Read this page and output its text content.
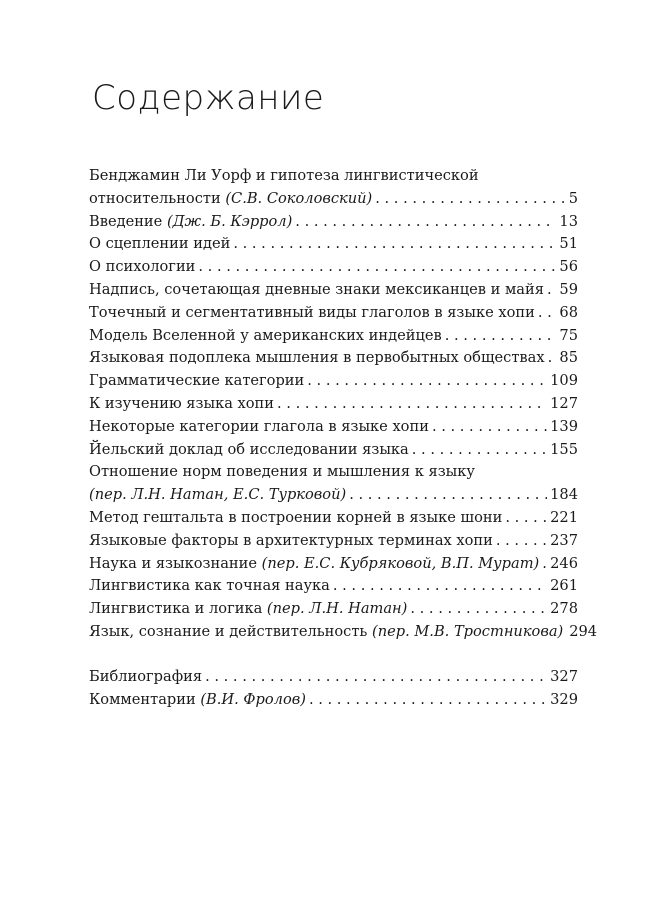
Содержание
Бенджамин Ли Уорф и гипотеза лингвистической
относительности (С.В. Соколовский) . . .	5
Введение (Дж. Б. Кэррол) . . .	13
О сцеплении идей . . .	51
О психологии . . .	56
Надпись, сочетающая дневные знаки мексиканцев и майя . . . 59
Точечный и сегментативный виды глаголов в языке хопи . . . 68
Модель Вселенной у американских индейцев . . .	75
Языковая подоплека мышления в первобытных обществах . . . 85
Грамматические категории . . .	109
К изучению языка хопи . . .	127
Некоторые категории глагола в языке хопи . . .	139
Йельский доклад об исследовании языка . . .	155
Отношение норм поведения и мышления к языку
(пер. Л.Н. Натан, Е.С. Турковой) . . .	184
Метод гештальта в построении корней в языке шони . . .	221
Языковые факторы в архитектурных терминах хопи . . .	237
Наука и языкознание (пер. Е.С. Кубряковой, В.П. Мурат) . . . 246
Лингвистика как точная наука . . .	261
Лингвистика и логика (пер. Л.Н. Натан) . . .	278
Язык, сознание и действительность (пер. М.В. Тростникова) 294
Библиография . . .	327
Комментарии (В.И. Фролов) . . .	329
